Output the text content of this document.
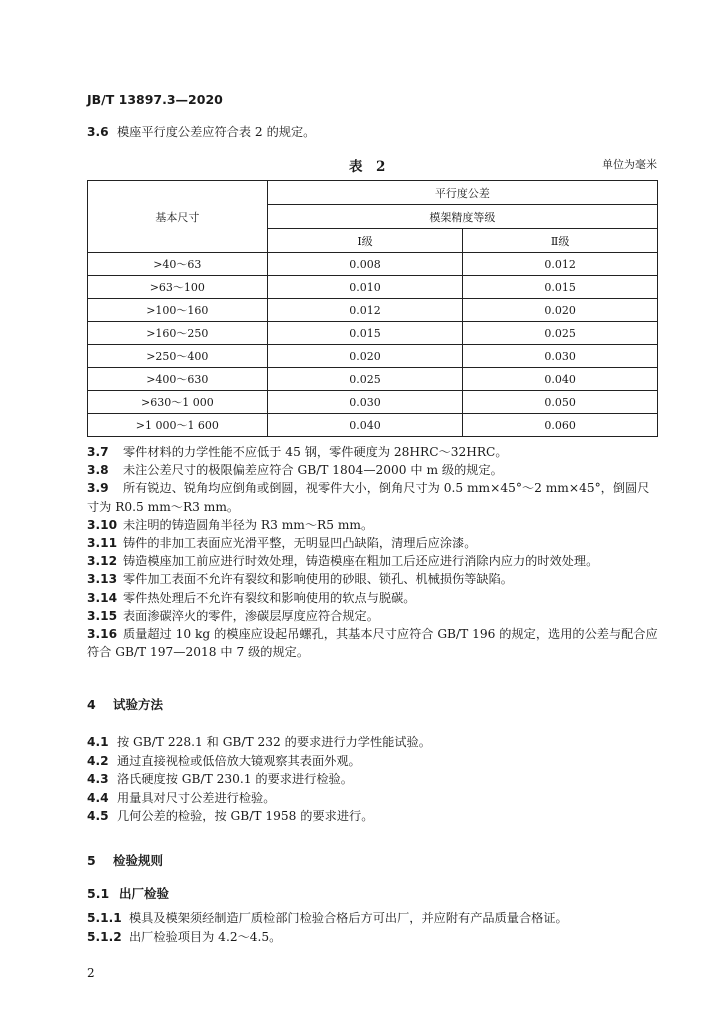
JB/T 13897.3—2020
3.6 模座平行度公差应符合表 2 的规定。
表　2	单位为毫米
基本尺寸	平行度公差	
	模架精度等级	
	Ⅰ级	Ⅱ级
>40～63	0.008	0.012
>63～100	0.010	0.015
>100～160	0.012	0.020
>160～250	0.015	0.025
>250～400	0.020	0.030
>400～630	0.025	0.040
>630～1 000	0.030	0.050
>1 000～1 600	0.040	0.060
3.7 零件材料的力学性能不应低于 45 钢，零件硬度为 28HRC～32HRC。
3.8 未注公差尺寸的极限偏差应符合 GB/T 1804—2000 中 m 级的规定。
3.9 所有锐边、锐角均应倒角或倒圆，视零件大小，倒角尺寸为 0.5 mm×45°～2 mm×45°，倒圆尺
寸为 R0.5 mm～R3 mm。
3.10 未注明的铸造圆角半径为 R3 mm～R5 mm。
3.11 铸件的非加工表面应光滑平整，无明显凹凸缺陷，清理后应涂漆。
3.12 铸造模座加工前应进行时效处理，铸造模座在粗加工后还应进行消除内应力的时效处理。
3.13 零件加工表面不允许有裂纹和影响使用的砂眼、锁孔、机械损伤等缺陷。
3.14 零件热处理后不允许有裂纹和影响使用的软点与脱碳。
3.15 表面渗碳淬火的零件，渗碳层厚度应符合规定。
3.16 质量超过 10 kg 的模座应设起吊螺孔，其基本尺寸应符合 GB/T 196 的规定，选用的公差与配合应
符合 GB/T 197—2018 中 7 级的规定。
4 试验方法
4.1 按 GB/T 228.1 和 GB/T 232 的要求进行力学性能试验。
4.2 通过直接视检或低倍放大镜观察其表面外观。
4.3 洛氏硬度按 GB/T 230.1 的要求进行检验。
4.4 用量具对尺寸公差进行检验。
4.5 几何公差的检验，按 GB/T 1958 的要求进行。
5 检验规则
5.1 出厂检验
5.1.1 模具及模架须经制造厂质检部门检验合格后方可出厂，并应附有产品质量合格证。
5.1.2 出厂检验项目为 4.2～4.5。
2
